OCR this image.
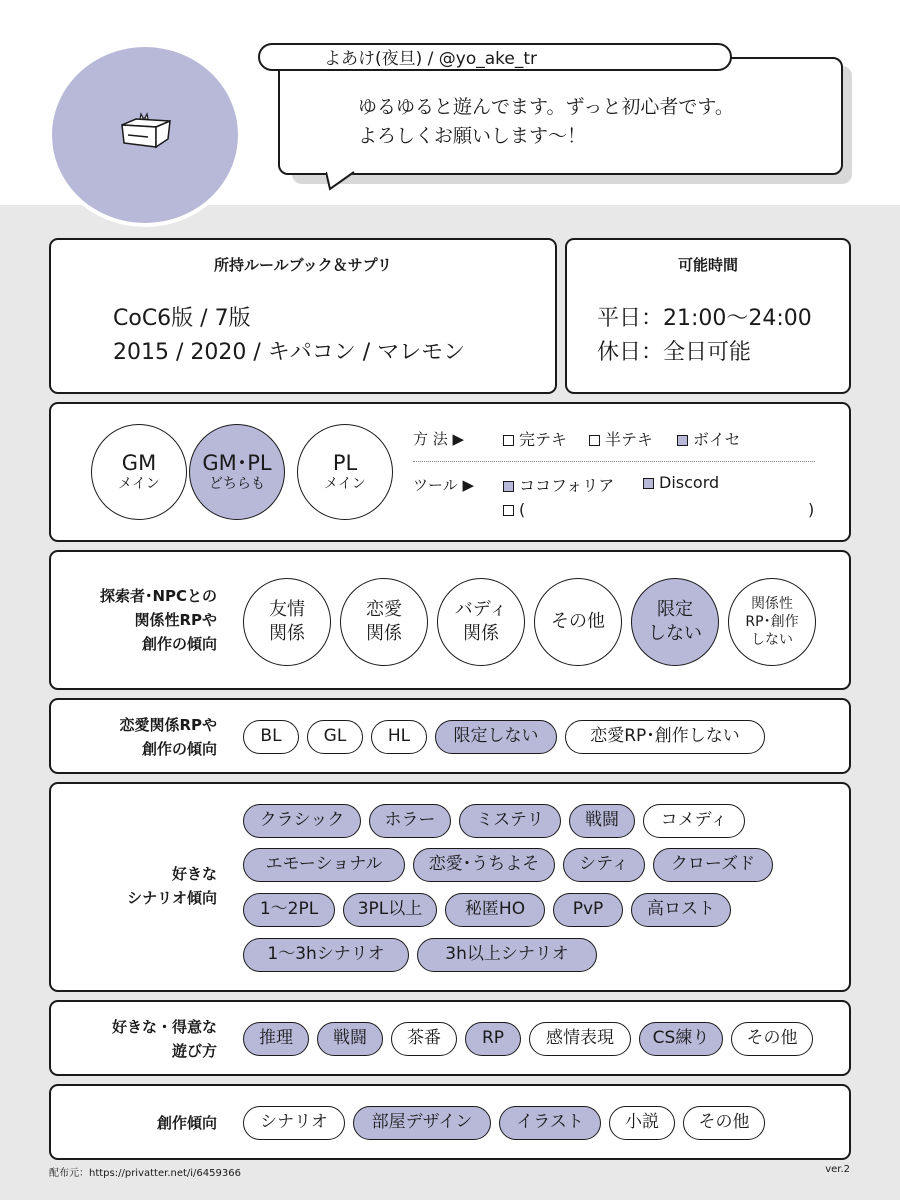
ゆるゆると遊んでます。ずっと初心者です。
よろしくお願いします〜！
よあけ(夜旦) / @yo_ake_tr
所持ルールブック＆サプリ
CoC6版 / 7版
2015 / 2020 / キパコン / マレモン
可能時間
平日：21:00〜24:00
休日：全日可能
GM
メイン
GM･PL
どちらも
PL
メイン
方 法 ▶	完テキ	半テキ	ボイセ
ツール ▶	ココフォリア	Discord
(	)
探索者･NPCとの
関係性RPや
創作の傾向
友情
関係
恋愛
関係
バディ
関係
その他
限定
しない
関係性
RP･創作
しない
恋愛関係RPや
創作の傾向
BL	GL	HL	限定しない	恋愛RP･創作しない
好きな
シナリオ傾向
クラシック	ホラー	ミステリ	戦闘	コメディ
エモーショナル	恋愛･うちよそ	シティ	クローズド
1〜2PL	3PL以上	秘匿HO	PvP	高ロスト
1〜3hシナリオ	3h以上シナリオ
好きな・得意な
遊び方
推理	戦闘	茶番	RP	感情表現	CS練り	その他
創作傾向	シナリオ	部屋デザイン	イラスト	小説	その他
配布元：https://privatter.net/i/6459366	ver.2
